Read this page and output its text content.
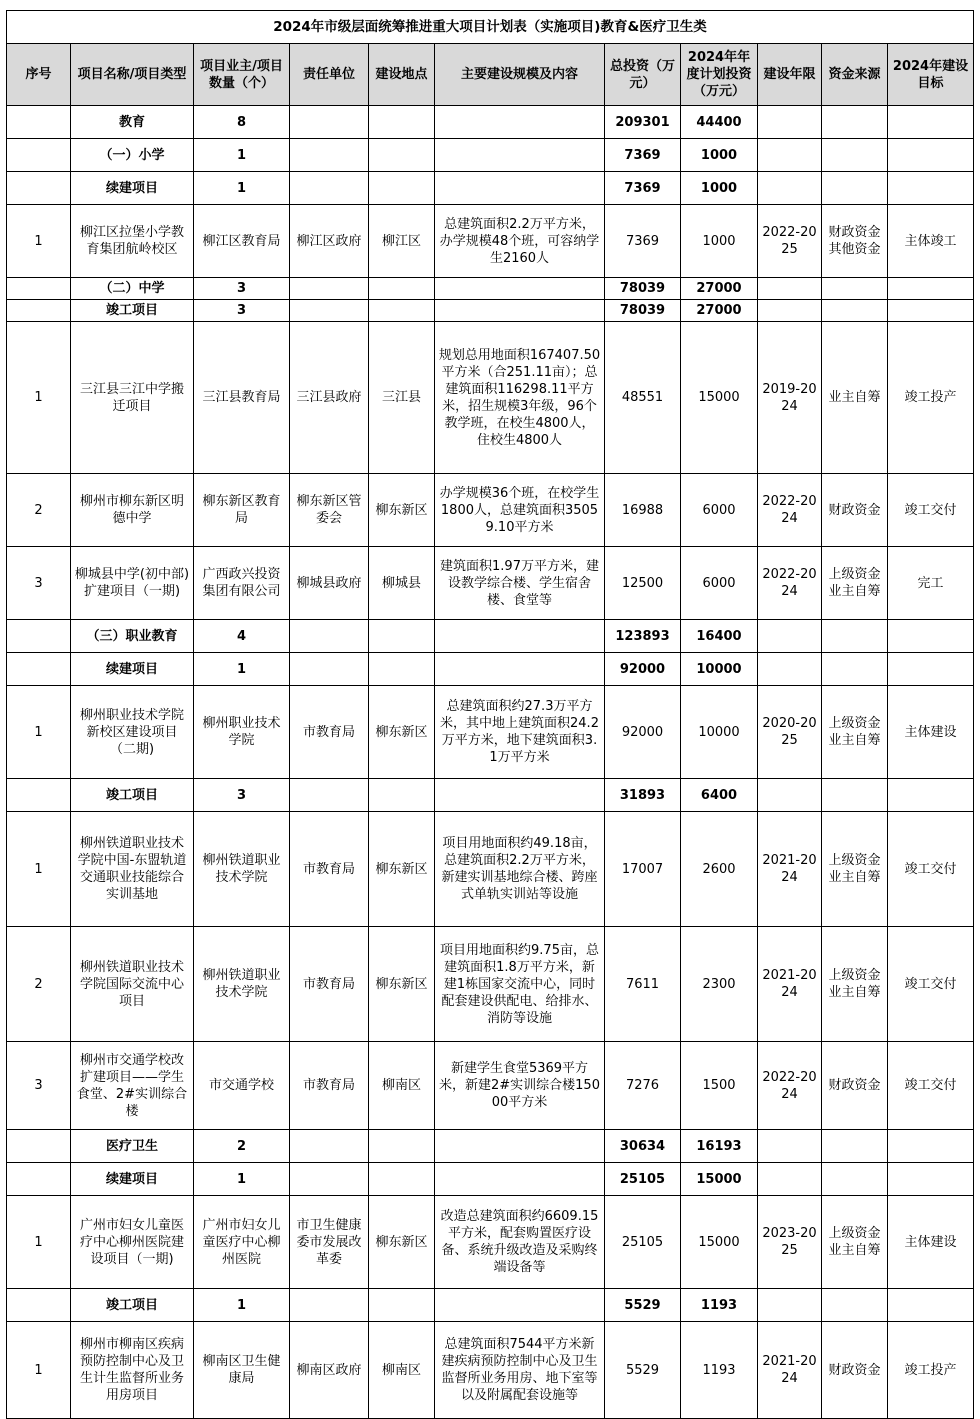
2024年市级层面统筹推进重大项目计划表（实施项目)教育&医疗卫生类										
序号	项目名称/项目类型	项目业主/项目数量（个）	责任单位	建设地点	主要建设规模及内容	总投资（万元）	2024年年度计划投资（万元）	建设年限	资金来源	2024年建设目标
	教育	8				209301	44400			
	（一）小学	1				7369	1000			
	续建项目	1				7369	1000			
1	柳江区拉堡小学教育集团航岭校区	柳江区教育局	柳江区政府	柳江区	总建筑面积2.2万平方米，办学规模48个班，可容纳学生2160人	7369	1000	2022-2025	财政资金其他资金	主体竣工
	（二）中学	3				78039	27000			
	竣工项目	3				78039	27000			
1	三江县三江中学搬迁项目	三江县教育局	三江县政府	三江县	规划总用地面积167407.50平方米（合251.11亩）；总建筑面积116298.11平方米，招生规模3年级，96个教学班，在校生4800人，住校生4800人	48551	15000	2019-2024	业主自筹	竣工投产
2	柳州市柳东新区明德中学	柳东新区教育局	柳东新区管委会	柳东新区	办学规模36个班，在校学生1800人，总建筑面积35059.10平方米	16988	6000	2022-2024	财政资金	竣工交付
3	柳城县中学(初中部)扩建项目（一期)	广西政兴投资集团有限公司	柳城县政府	柳城县	建筑面积1.97万平方米，建设教学综合楼、学生宿舍楼、食堂等	12500	6000	2022-2024	上级资金业主自筹	完工
	（三）职业教育	4				123893	16400			
	续建项目	1				92000	10000			
1	柳州职业技术学院新校区建设项目（二期)	柳州职业技术学院	市教育局	柳东新区	总建筑面积约27.3万平方米，其中地上建筑面积24.2万平方米，地下建筑面积3.1万平方米	92000	10000	2020-2025	上级资金业主自筹	主体建设
	竣工项目	3				31893	6400			
1	柳州铁道职业技术学院中国-东盟轨道交通职业技能综合实训基地	柳州铁道职业技术学院	市教育局	柳东新区	项目用地面积约49.18亩，总建筑面积2.2万平方米，新建实训基地综合楼、跨座式单轨实训站等设施	17007	2600	2021-2024	上级资金业主自筹	竣工交付
2	柳州铁道职业技术学院国际交流中心项目	柳州铁道职业技术学院	市教育局	柳东新区	项目用地面积约9.75亩，总建筑面积1.8万平方米，新建1栋国家交流中心，同时配套建设供配电、给排水、消防等设施	7611	2300	2021-2024	上级资金业主自筹	竣工交付
3	柳州市交通学校改扩建项目——学生食堂、2#实训综合楼	市交通学校	市教育局	柳南区	新建学生食堂5369平方米，新建2#实训综合楼15000平方米	7276	1500	2022-2024	财政资金	竣工交付
	医疗卫生	2				30634	16193			
	续建项目	1				25105	15000			
1	广州市妇女儿童医疗中心柳州医院建设项目（一期)	广州市妇女儿童医疗中心柳州医院	市卫生健康委市发展改革委	柳东新区	改造总建筑面积约6609.15平方米，配套购置医疗设备、系统升级改造及采购终端设备等	25105	15000	2023-2025	上级资金业主自筹	主体建设
	竣工项目	1				5529	1193			
1	柳州市柳南区疾病预防控制中心及卫生计生监督所业务用房项目	柳南区卫生健康局	柳南区政府	柳南区	总建筑面积7544平方米新建疾病预防控制中心及卫生监督所业务用房、地下室等以及附属配套设施等	5529	1193	2021-2024	财政资金	竣工投产
